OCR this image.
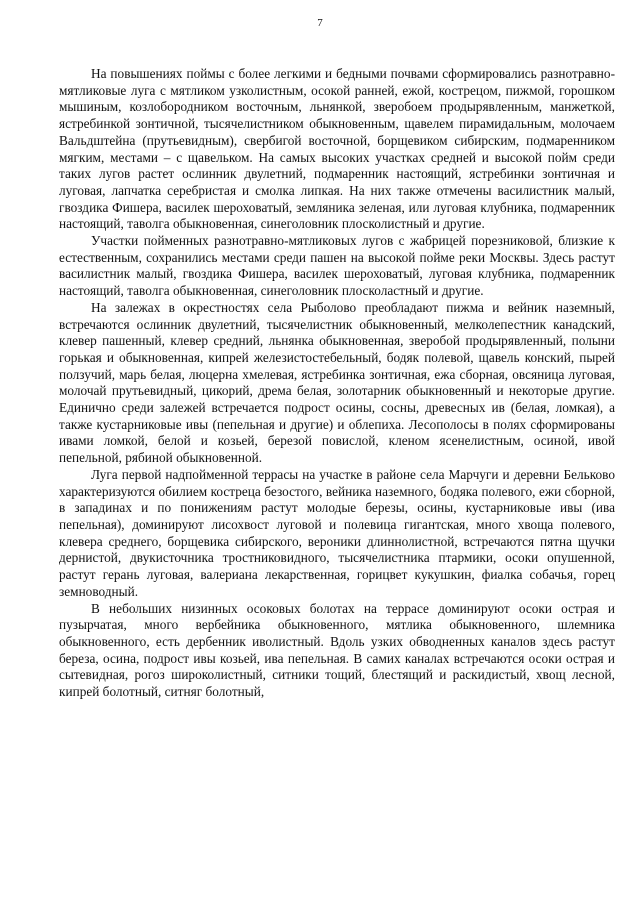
7

На повышениях поймы с более легкими и бедными почвами сформировались разнотравно-мятликовые луга с мятликом узколистным, осокой ранней, ежой, кострецом, пижмой, горошком мышиным, козлобородником восточным, льнянкой, зверобоем продырявленным, манжеткой, ястребинкой зонтичной, тысячелистником обыкновенным, щавелем пирамидальным, молочаем Вальдштейна (прутьевидным), свербигой восточной, борщевиком сибирским, подмаренником мягким, местами – с щавельком. На самых высоких участках средней и высокой пойм среди таких лугов растет ослинник двулетний, подмаренник настоящий, ястребинки зонтичная и луговая, лапчатка серебристая и смолка липкая. На них также отмечены василистник малый, гвоздика Фишера, василек шероховатый, земляника зеленая, или луговая клубника, подмаренник настоящий, таволга обыкновенная, синеголовник плосколистный и другие.

Участки пойменных разнотравно-мятликовых лугов с жабрицей порезниковой, близкие к естественным, сохранились местами среди пашен на высокой пойме реки Москвы. Здесь растут василистник малый, гвоздика Фишера, василек шероховатый, луговая клубника, подмаренник настоящий, таволга обыкновенная, синеголовник плосколастный и другие.

На залежах в окрестностях села Рыболово преобладают пижма и вейник наземный, встречаются ослинник двулетний, тысячелистник обыкновенный, мелколепестник канадский, клевер пашенный, клевер средний, льнянка обыкновенная, зверобой продырявленный, полыни горькая и обыкновенная, кипрей железистостебельный, бодяк полевой, щавель конский, пырей ползучий, марь белая, люцерна хмелевая, ястребинка зонтичная, ежа сборная, овсяница луговая, молочай прутьевидный, цикорий, дрема белая, золотарник обыкновенный и некоторые другие. Единично среди залежей встречается подрост осины, сосны, древесных ив (белая, ломкая), а также кустарниковые ивы (пепельная и другие) и облепиха. Лесополосы в полях сформированы ивами ломкой, белой и козьей, березой повислой, кленом ясенелистным, осиной, ивой пепельной, рябиной обыкновенной.

Луга первой надпойменной террасы на участке в районе села Марчуги и деревни Бельково характеризуются обилием костреца безостого, вейника наземного, бодяка полевого, ежи сборной, в западинах и по понижениям растут молодые березы, осины, кустарниковые ивы (ива пепельная), доминируют лисохвост луговой и полевица гигантская, много хвоща полевого, клевера среднего, борщевика сибирского, вероники длиннолистной, встречаются пятна щучки дернистой, двукисточника тростниковидного, тысячелистника птармики, осоки опушенной, растут герань луговая, валериана лекарственная, горицвет кукушкин, фиалка собачья, горец земноводный.

В небольших низинных осоковых болотах на террасе доминируют осоки острая и пузырчатая, много вербейника обыкновенного, мятлика обыкновенного, шлемника обыкновенного, есть дербенник иволистный. Вдоль узких обводненных каналов здесь растут береза, осина, подрост ивы козьей, ива пепельная. В самих каналах встречаются осоки острая и сытевидная, рогоз широколистный, ситники тощий, блестящий и раскидистый, хвощ лесной, кипрей болотный, ситняг болотный,
